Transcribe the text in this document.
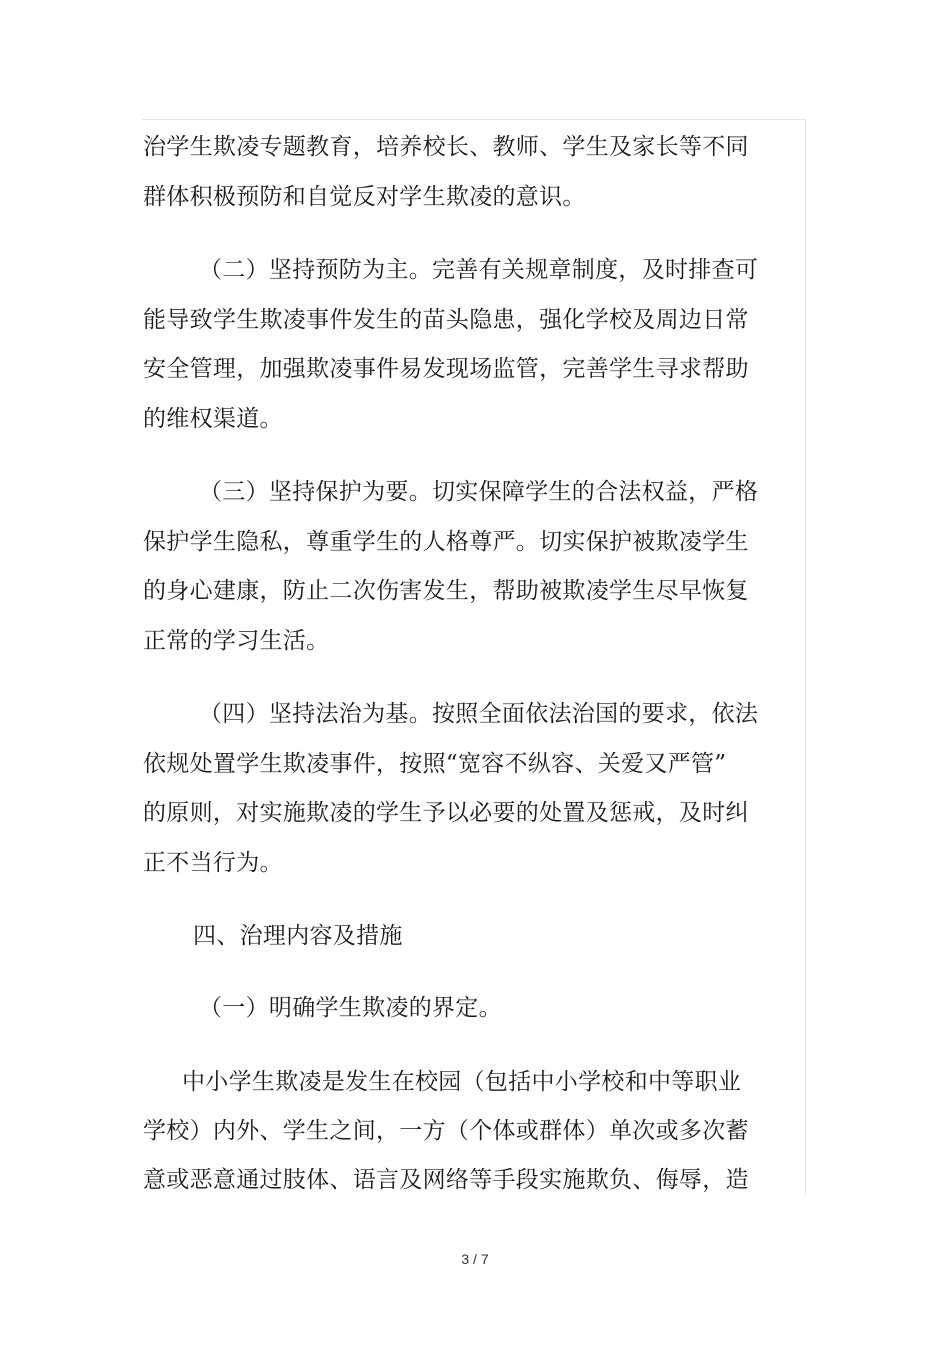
治学生欺凌专题教育，培养校长、教师、学生及家长等不同
群体积极预防和自觉反对学生欺凌的意识。
（二）坚持预防为主。完善有关规章制度，及时排查可
能导致学生欺凌事件发生的苗头隐患，强化学校及周边日常
安全管理，加强欺凌事件易发现场监管，完善学生寻求帮助
的维权渠道。
（三）坚持保护为要。切实保障学生的合法权益，严格
保护学生隐私，尊重学生的人格尊严。切实保护被欺凌学生
的身心建康，防止二次伤害发生，帮助被欺凌学生尽早恢复
正常的学习生活。
（四）坚持法治为基。按照全面依法治国的要求，依法
依规处置学生欺凌事件，按照“宽容不纵容、关爱又严管”
的原则，对实施欺凌的学生予以必要的处置及惩戒，及时纠
正不当行为。
四、治理内容及措施
（一）明确学生欺凌的界定。
中小学生欺凌是发生在校园（包括中小学校和中等职业
学校）内外、学生之间，一方（个体或群体）单次或多次蓄
意或恶意通过肢体、语言及网络等手段实施欺负、侮辱，造
3 / 7
